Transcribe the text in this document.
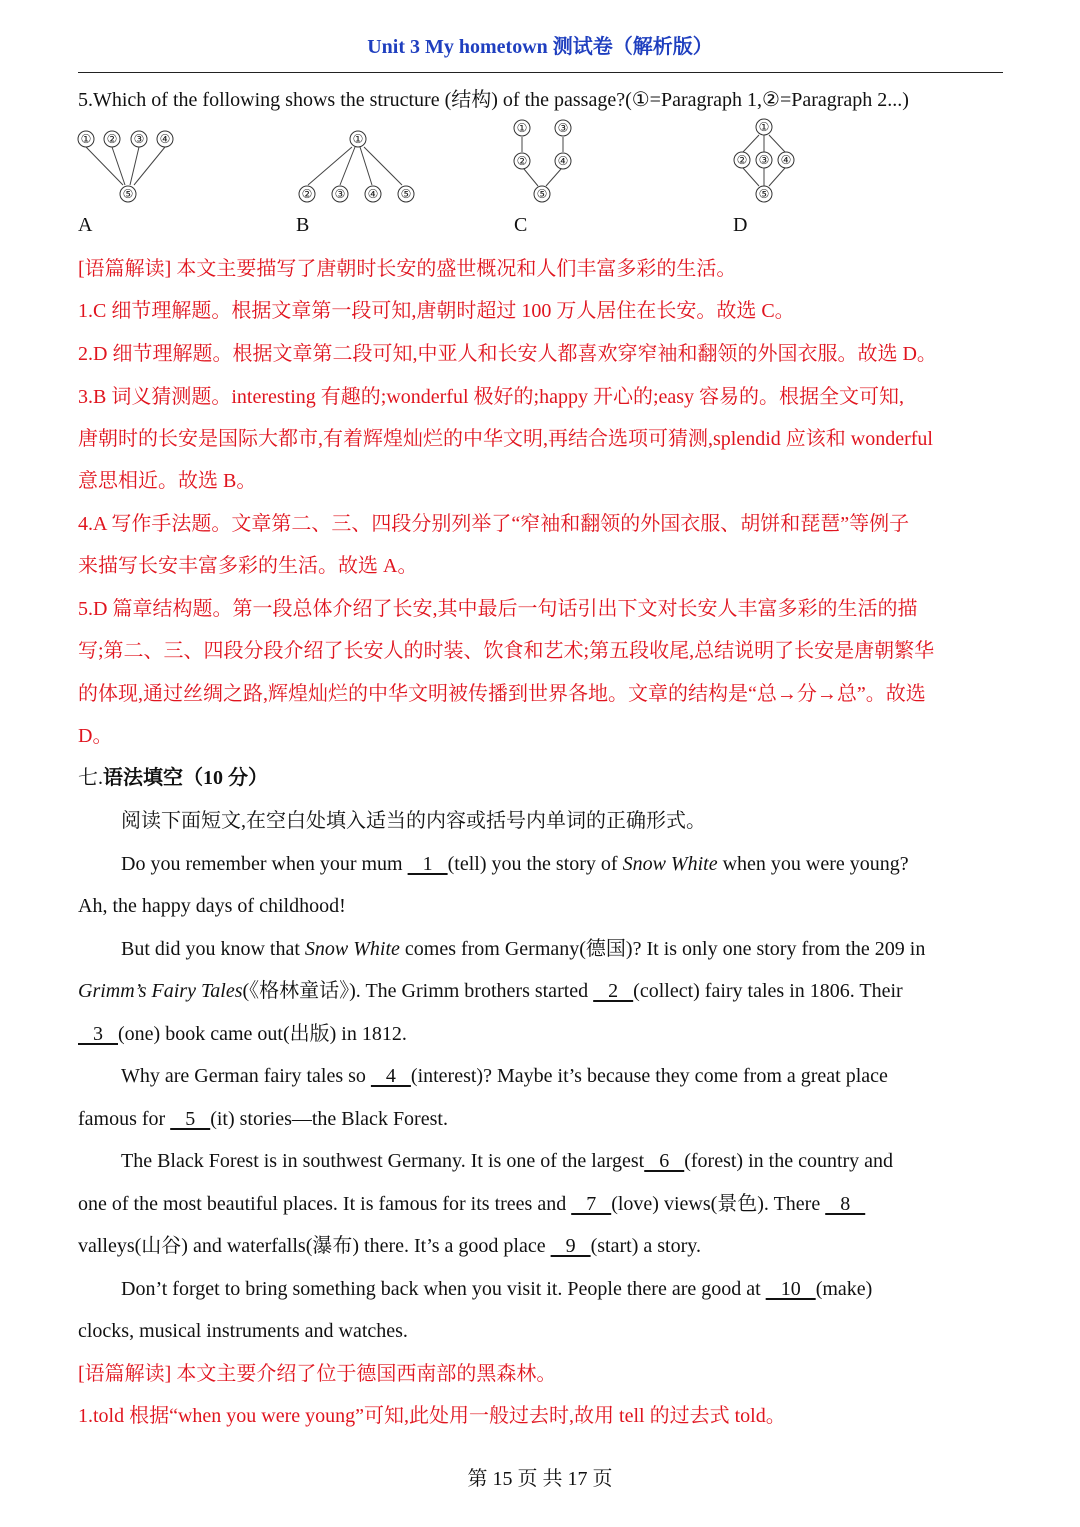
Unit 3 My hometown 测试卷（解析版）
5.Which of the following shows the structure (结构) of the passage?(①=Paragraph 1,②=Paragraph 2...)
① ② ③ ④
⑤
①
② ③ ④ ⑤
①	③
②	④
⑤
①
② ③ ④
⑤
A	B	C	D
[语篇解读] 本文主要描写了唐朝时长安的盛世概况和人们丰富多彩的生活。
1.C 细节理解题。根据文章第一段可知,唐朝时超过 100 万人居住在长安。故选 C。
2.D 细节理解题。根据文章第二段可知,中亚人和长安人都喜欢穿窄袖和翻领的外国衣服。故选 D。
3.B 词义猜测题。interesting 有趣的;wonderful 极好的;happy 开心的;easy 容易的。根据全文可知,
唐朝时的长安是国际大都市,有着辉煌灿烂的中华文明,再结合选项可猜测,splendid 应该和 wonderful
意思相近。故选 B。
4.A 写作手法题。文章第二、三、四段分别列举了“窄袖和翻领的外国衣服、胡饼和琵琶”等例子
来描写长安丰富多彩的生活。故选 A。
5.D 篇章结构题。第一段总体介绍了长安,其中最后一句话引出下文对长安人丰富多彩的生活的描
写;第二、三、四段分段介绍了长安人的时装、饮食和艺术;第五段收尾,总结说明了长安是唐朝繁华
的体现,通过丝绸之路,辉煌灿烂的中华文明被传播到世界各地。文章的结构是“总→分→总”。故选
D。
七.语法填空（10 分）
阅读下面短文,在空白处填入适当的内容或括号内单词的正确形式。
Do you remember when your mum    1   (tell) you the story of Snow White when you were young?
Ah, the happy days of childhood!
But did you know that Snow White comes from Germany(德国)? It is only one story from the 209 in
Grimm’s Fairy Tales(《格林童话》). The Grimm brothers started    2   (collect) fairy tales in 1806. Their
3   (one) book came out(出版) in 1812.
Why are German fairy tales so    4   (interest)? Maybe it’s because they come from a great place
famous for    5   (it) stories—the Black Forest.
The Black Forest is in southwest Germany. It is one of the largest   6   (forest) in the country and
one of the most beautiful places. It is famous for its trees and    7   (love) views(景色). There    8
valleys(山谷) and waterfalls(瀑布) there. It’s a good place    9   (start) a story.
Don’t forget to bring something back when you visit it. People there are good at    10   (make)
clocks, musical instruments and watches.
[语篇解读] 本文主要介绍了位于德国西南部的黑森林。
1.told 根据“when you were young”可知,此处用一般过去时,故用 tell 的过去式 told。
第 15 页 共 17 页
